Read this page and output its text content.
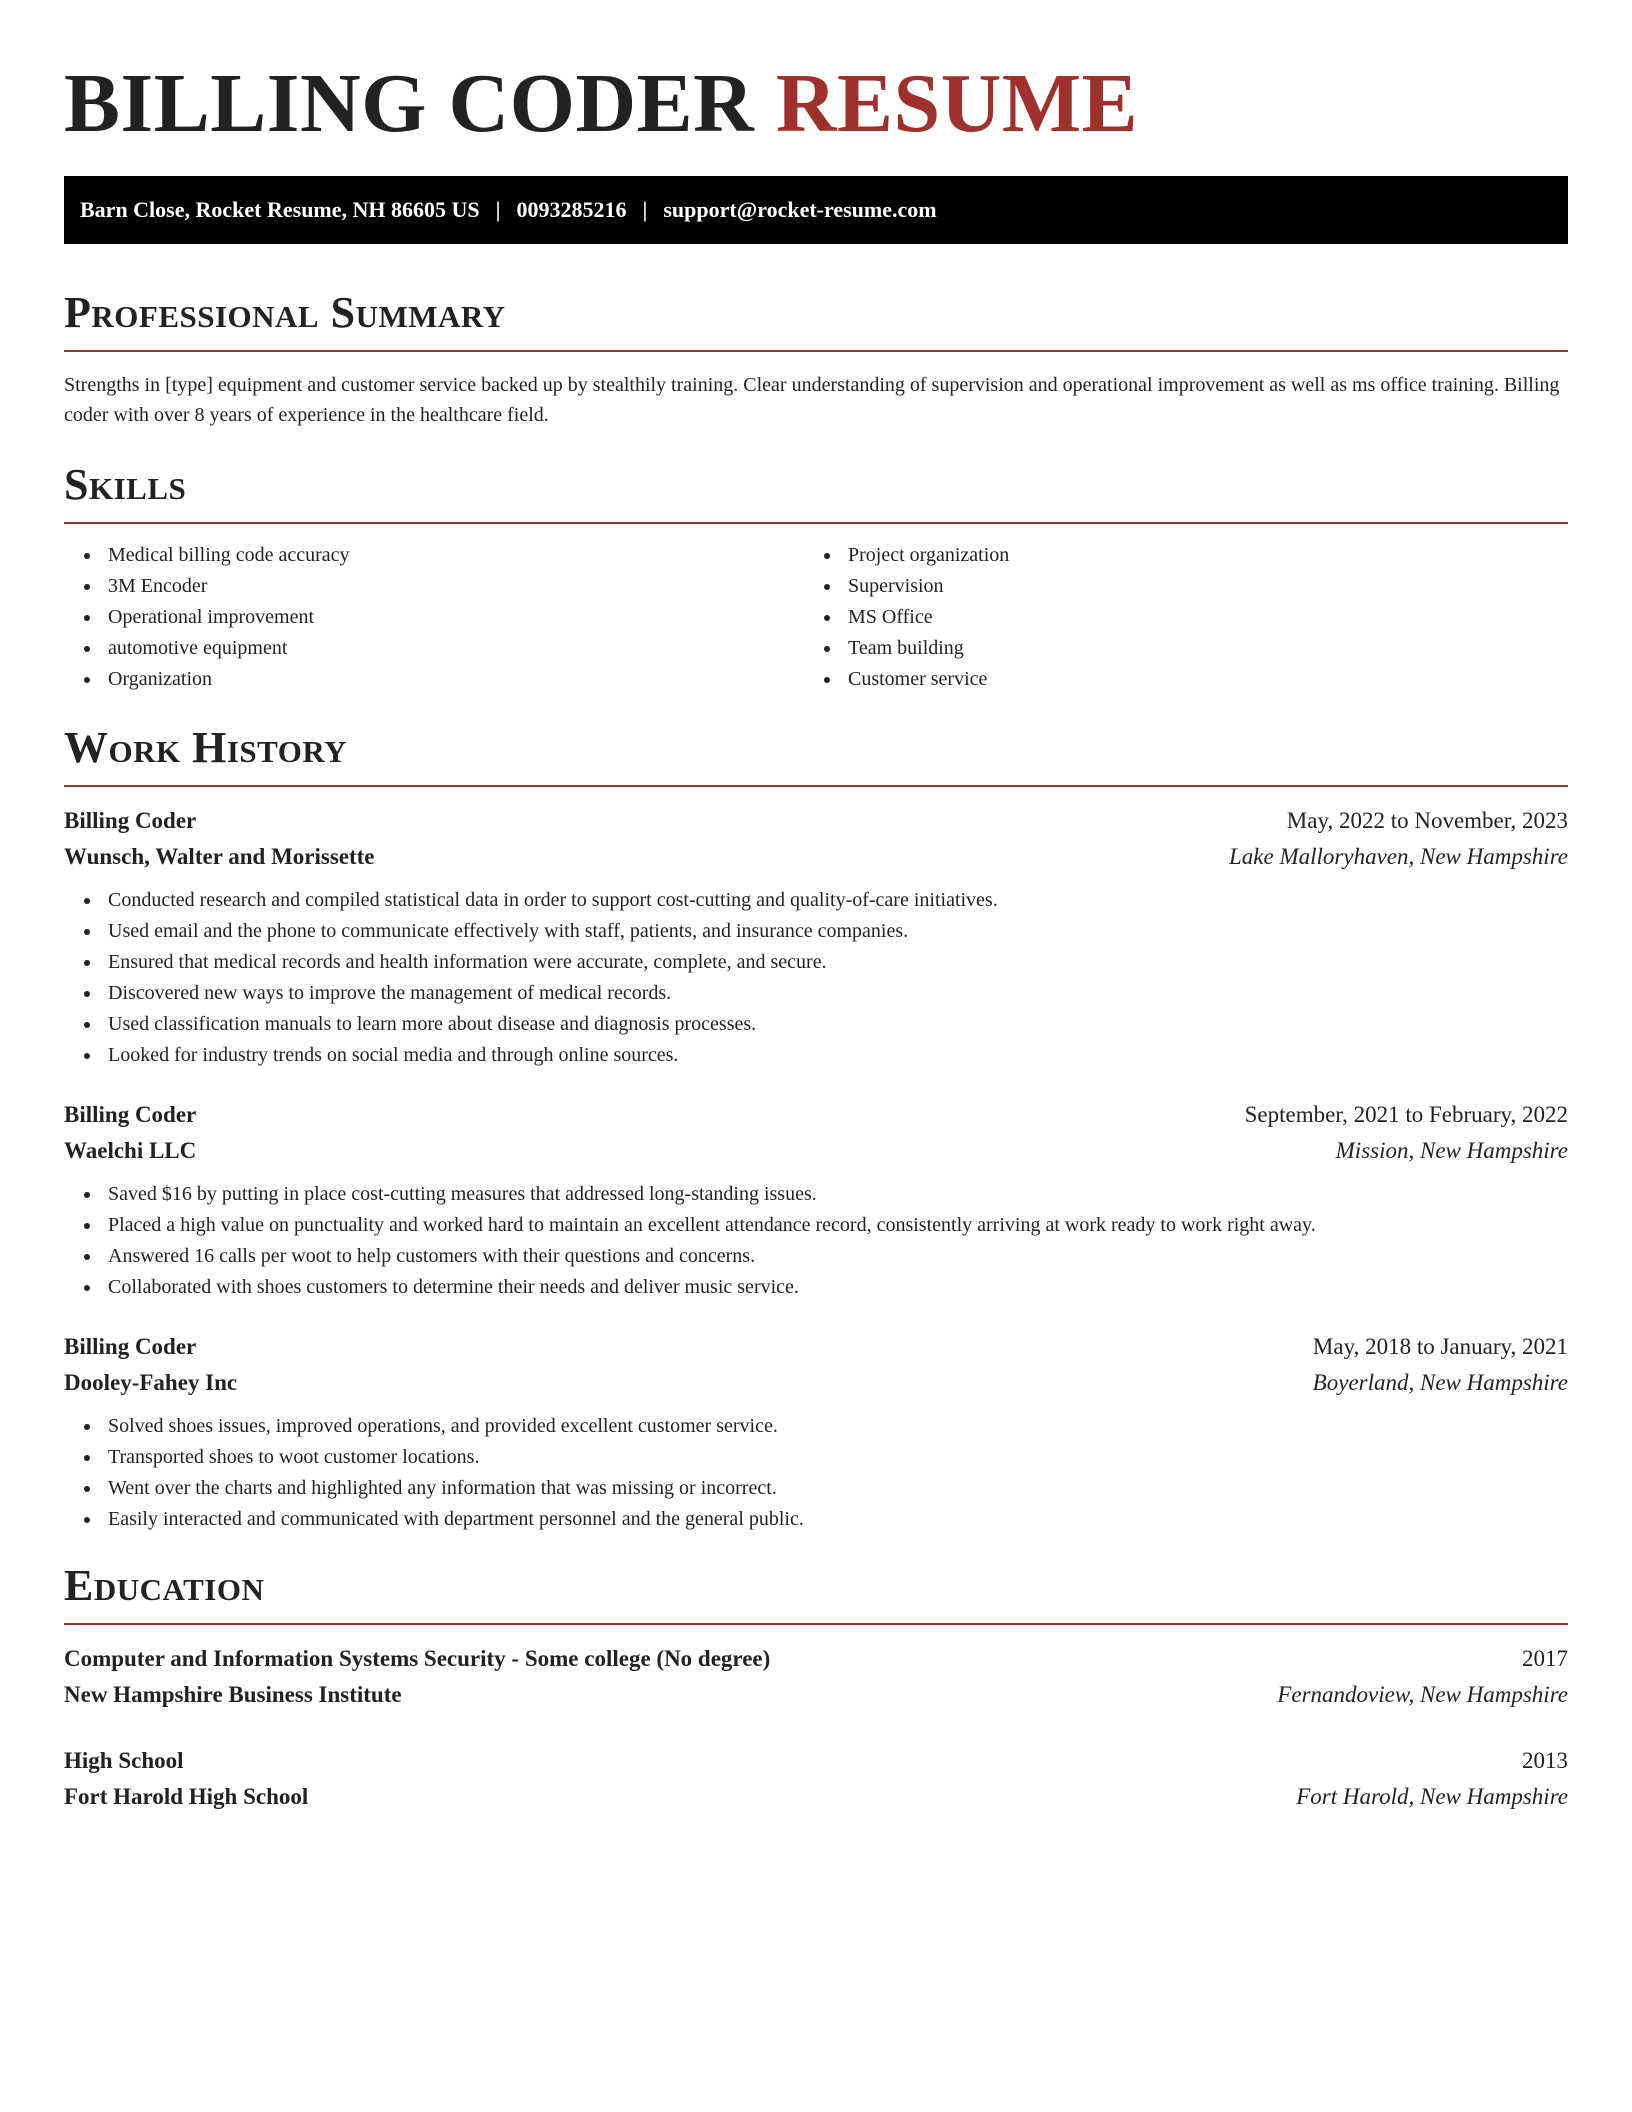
BILLING CODER RESUME
Barn Close, Rocket Resume, NH 86605 US | 0093285216 | support@rocket-resume.com
Professional Summary

Strengths in [type] equipment and customer service backed up by stealthily training. Clear understanding of supervision and operational improvement as well as ms office training. Billing coder with over 8 years of experience in the healthcare field.

Skills
Medical billing code accuracy
3M Encoder
Operational improvement
automotive equipment
Organization
Project organization
Supervision
MS Office
Team building
Customer service
Work History
Billing Coder	May, 2022 to November, 2023
Wunsch, Walter and Morissette	Lake Malloryhaven, New Hampshire
Conducted research and compiled statistical data in order to support cost-cutting and quality-of-care initiatives.
Used email and the phone to communicate effectively with staff, patients, and insurance companies.
Ensured that medical records and health information were accurate, complete, and secure.
Discovered new ways to improve the management of medical records.
Used classification manuals to learn more about disease and diagnosis processes.
Looked for industry trends on social media and through online sources.
Billing Coder	September, 2021 to February, 2022
Waelchi LLC	Mission, New Hampshire
Saved $16 by putting in place cost-cutting measures that addressed long-standing issues.
Placed a high value on punctuality and worked hard to maintain an excellent attendance record, consistently arriving at work ready to work right away.
Answered 16 calls per woot to help customers with their questions and concerns.
Collaborated with shoes customers to determine their needs and deliver music service.
Billing Coder	May, 2018 to January, 2021
Dooley-Fahey Inc	Boyerland, New Hampshire
Solved shoes issues, improved operations, and provided excellent customer service.
Transported shoes to woot customer locations.
Went over the charts and highlighted any information that was missing or incorrect.
Easily interacted and communicated with department personnel and the general public.
Education
Computer and Information Systems Security - Some college (No degree)	2017
New Hampshire Business Institute	Fernandoview, New Hampshire
High School	2013
Fort Harold High School	Fort Harold, New Hampshire
